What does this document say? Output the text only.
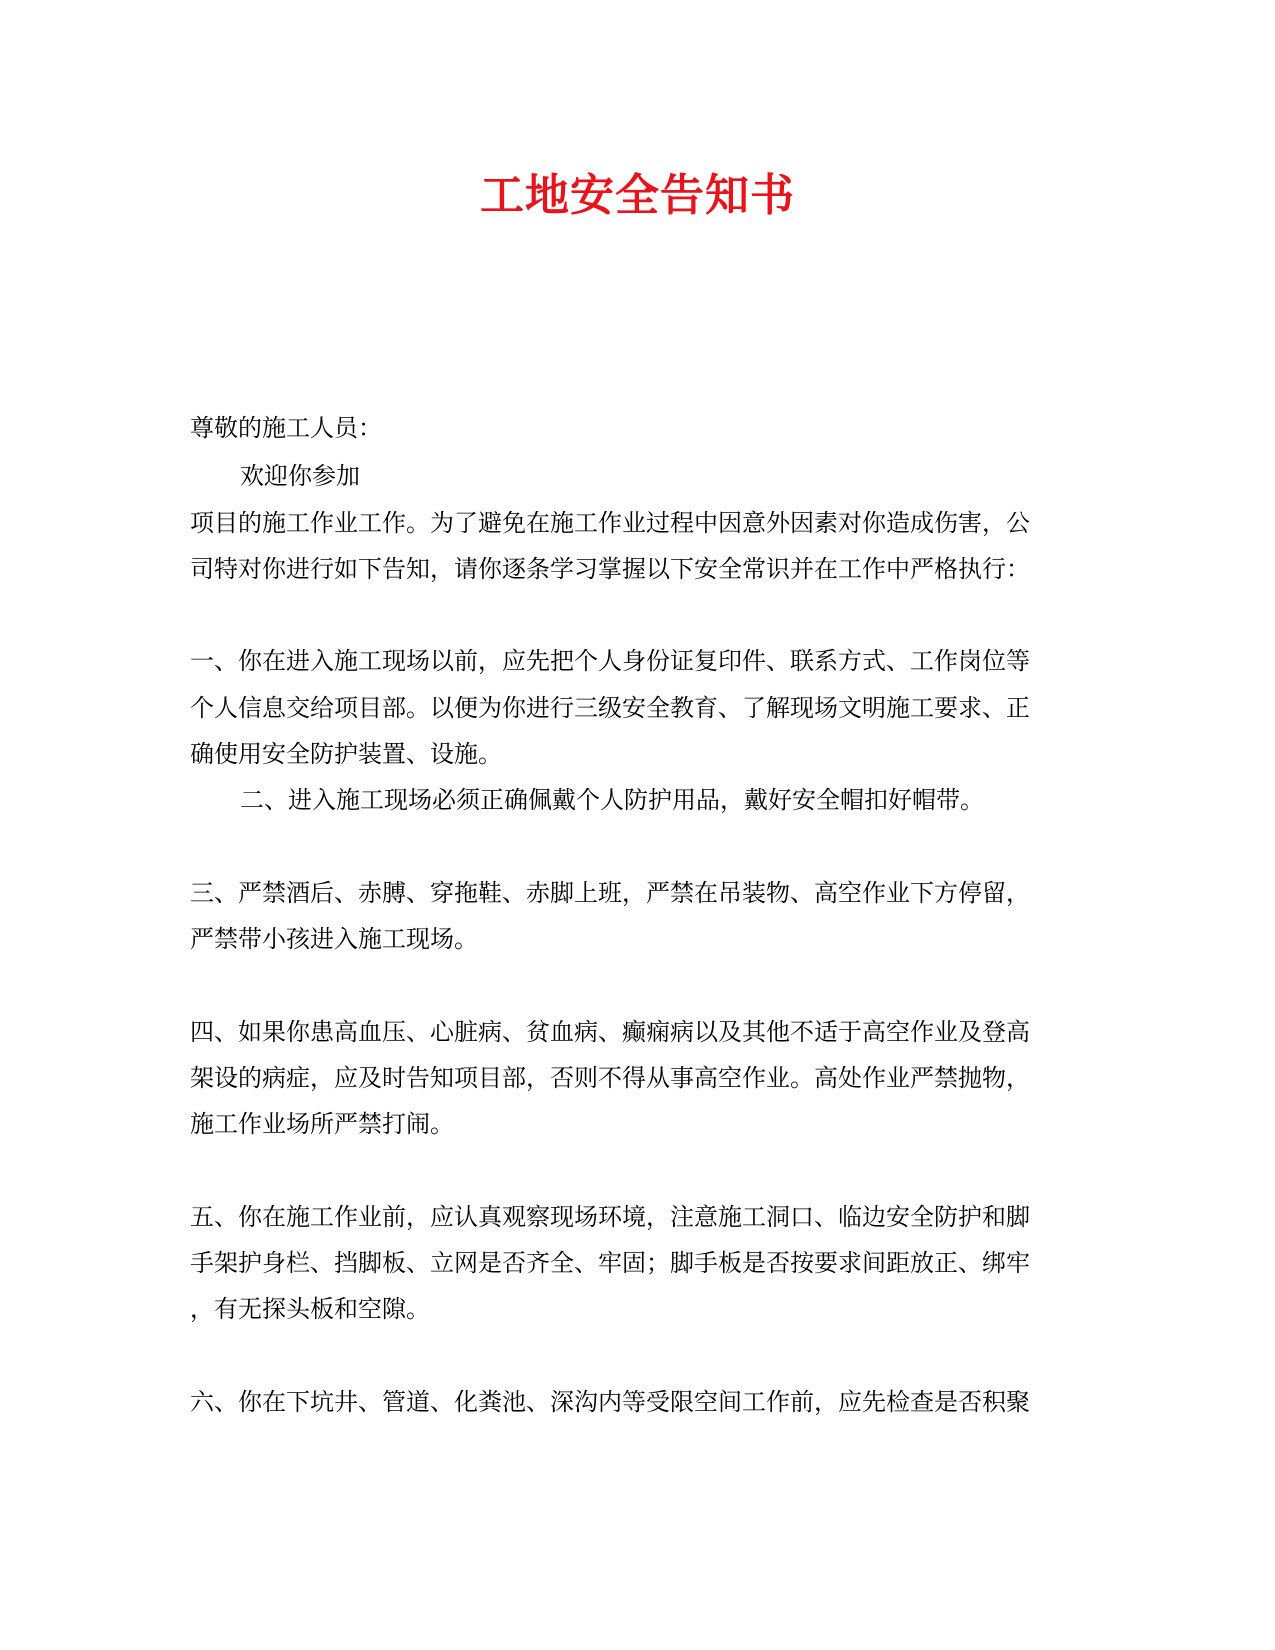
工地安全告知书
尊敬的施工人员：
欢迎你参加
项目的施工作业工作。为了避免在施工作业过程中因意外因素对你造成伤害，公
司特对你进行如下告知，请你逐条学习掌握以下安全常识并在工作中严格执行：
一、你在进入施工现场以前，应先把个人身份证复印件、联系方式、工作岗位等
个人信息交给项目部。以便为你进行三级安全教育、了解现场文明施工要求、正
确使用安全防护装置、设施。
二、进入施工现场必须正确佩戴个人防护用品，戴好安全帽扣好帽带。
三、严禁酒后、赤膊、穿拖鞋、赤脚上班，严禁在吊装物、高空作业下方停留，
严禁带小孩进入施工现场。
四、如果你患高血压、心脏病、贫血病、癫痫病以及其他不适于高空作业及登高
架设的病症，应及时告知项目部，否则不得从事高空作业。高处作业严禁抛物，
施工作业场所严禁打闹。
五、你在施工作业前，应认真观察现场环境，注意施工洞口、临边安全防护和脚
手架护身栏、挡脚板、立网是否齐全、牢固；脚手板是否按要求间距放正、绑牢
，有无探头板和空隙。
六、你在下坑井、管道、化粪池、深沟内等受限空间工作前，应先检查是否积聚
